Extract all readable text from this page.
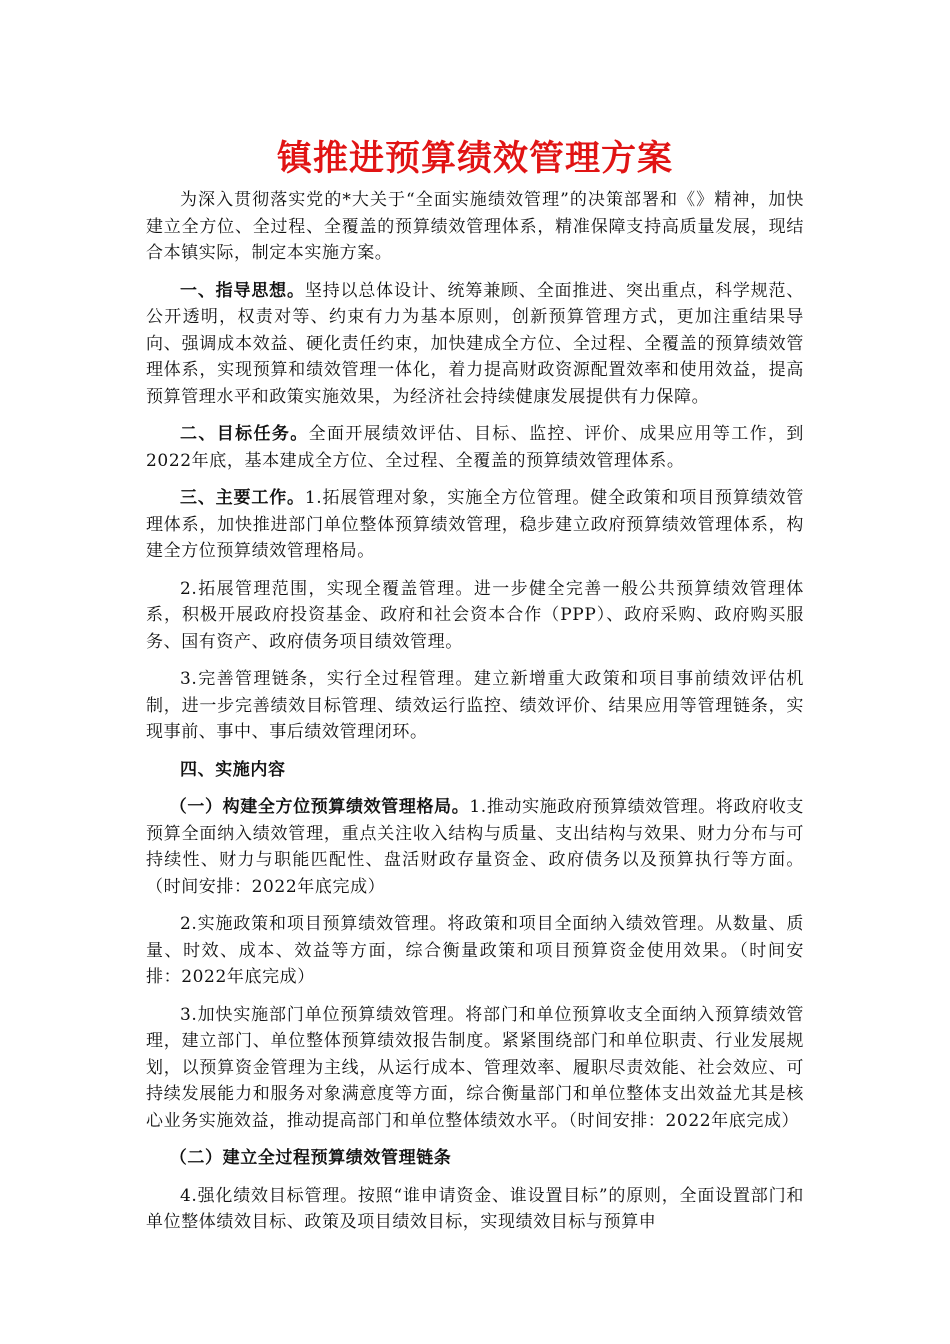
镇推进预算绩效管理方案

为深入贯彻落实党的*大关于“全面实施绩效管理”的决策部署和《》精神，加快建立全方位、全过程、全覆盖的预算绩效管理体系，精准保障支持高质量发展，现结合本镇实际，制定本实施方案。

一、指导思想。坚持以总体设计、统筹兼顾、全面推进、突出重点，科学规范、公开透明，权责对等、约束有力为基本原则，创新预算管理方式，更加注重结果导向、强调成本效益、硬化责任约束，加快建成全方位、全过程、全覆盖的预算绩效管理体系，实现预算和绩效管理一体化，着力提高财政资源配置效率和使用效益，提高预算管理水平和政策实施效果，为经济社会持续健康发展提供有力保障。

二、目标任务。全面开展绩效评估、目标、监控、评价、成果应用等工作，到2022年底，基本建成全方位、全过程、全覆盖的预算绩效管理体系。

三、主要工作。1.拓展管理对象，实施全方位管理。健全政策和项目预算绩效管理体系，加快推进部门单位整体预算绩效管理，稳步建立政府预算绩效管理体系，构建全方位预算绩效管理格局。

2.拓展管理范围，实现全覆盖管理。进一步健全完善一般公共预算绩效管理体系，积极开展政府投资基金、政府和社会资本合作（PPP）、政府采购、政府购买服务、国有资产、政府债务项目绩效管理。

3.完善管理链条，实行全过程管理。建立新增重大政策和项目事前绩效评估机制，进一步完善绩效目标管理、绩效运行监控、绩效评价、结果应用等管理链条，实现事前、事中、事后绩效管理闭环。

四、实施内容

（一）构建全方位预算绩效管理格局。1.推动实施政府预算绩效管理。将政府收支预算全面纳入绩效管理，重点关注收入结构与质量、支出结构与效果、财力分布与可持续性、财力与职能匹配性、盘活财政存量资金、政府债务以及预算执行等方面。（时间安排：2022年底完成）

2.实施政策和项目预算绩效管理。将政策和项目全面纳入绩效管理。从数量、质量、时效、成本、效益等方面，综合衡量政策和项目预算资金使用效果。（时间安排：2022年底完成）

3.加快实施部门单位预算绩效管理。将部门和单位预算收支全面纳入预算绩效管理，建立部门、单位整体预算绩效报告制度。紧紧围绕部门和单位职责、行业发展规划，以预算资金管理为主线，从运行成本、管理效率、履职尽责效能、社会效应、可持续发展能力和服务对象满意度等方面，综合衡量部门和单位整体支出效益尤其是核心业务实施效益，推动提高部门和单位整体绩效水平。（时间安排：2022年底完成）

（二）建立全过程预算绩效管理链条

4.强化绩效目标管理。按照“谁申请资金、谁设置目标”的原则，全面设置部门和单位整体绩效目标、政策及项目绩效目标，实现绩效目标与预算申
